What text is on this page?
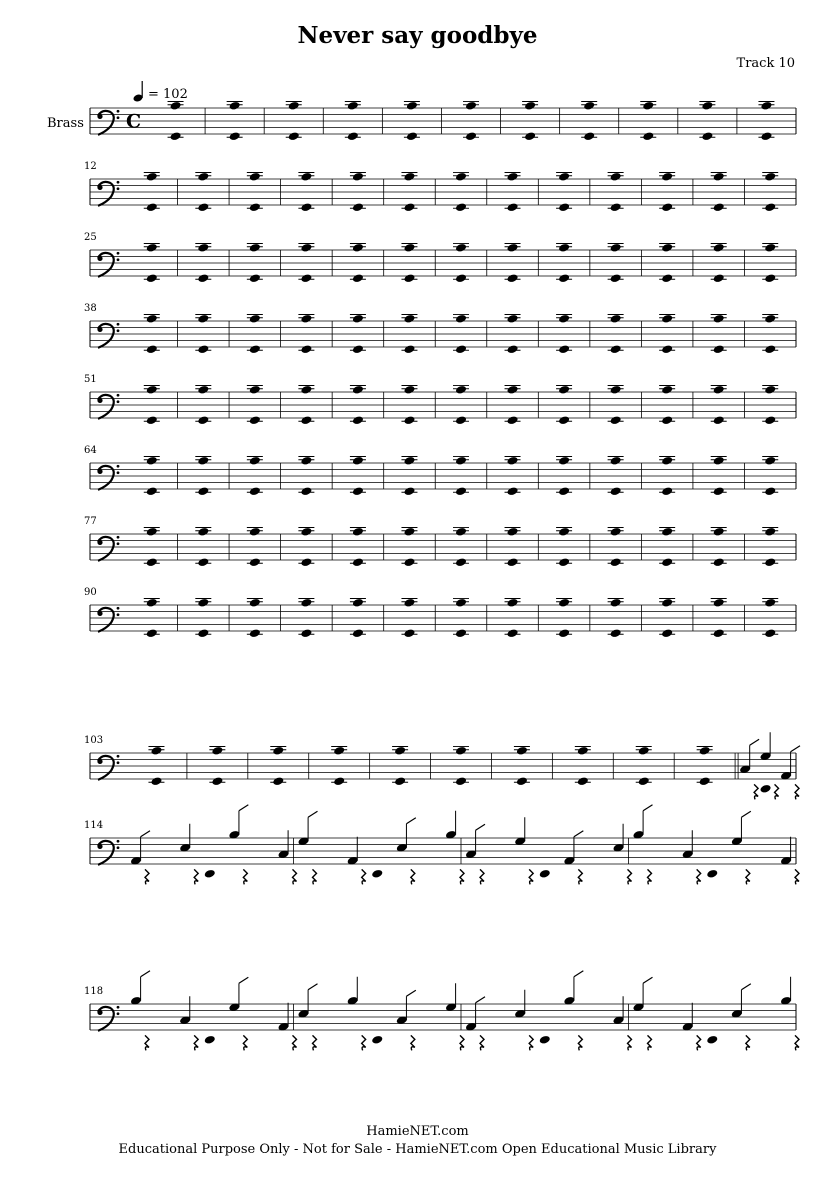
Never say goodbye
Track 10
= 102
Brass C
12
25
38
51
64
77
90
103
114
118
HamieNET.com
Educational Purpose Only - Not for Sale - HamieNET.com Open Educational Music Library
